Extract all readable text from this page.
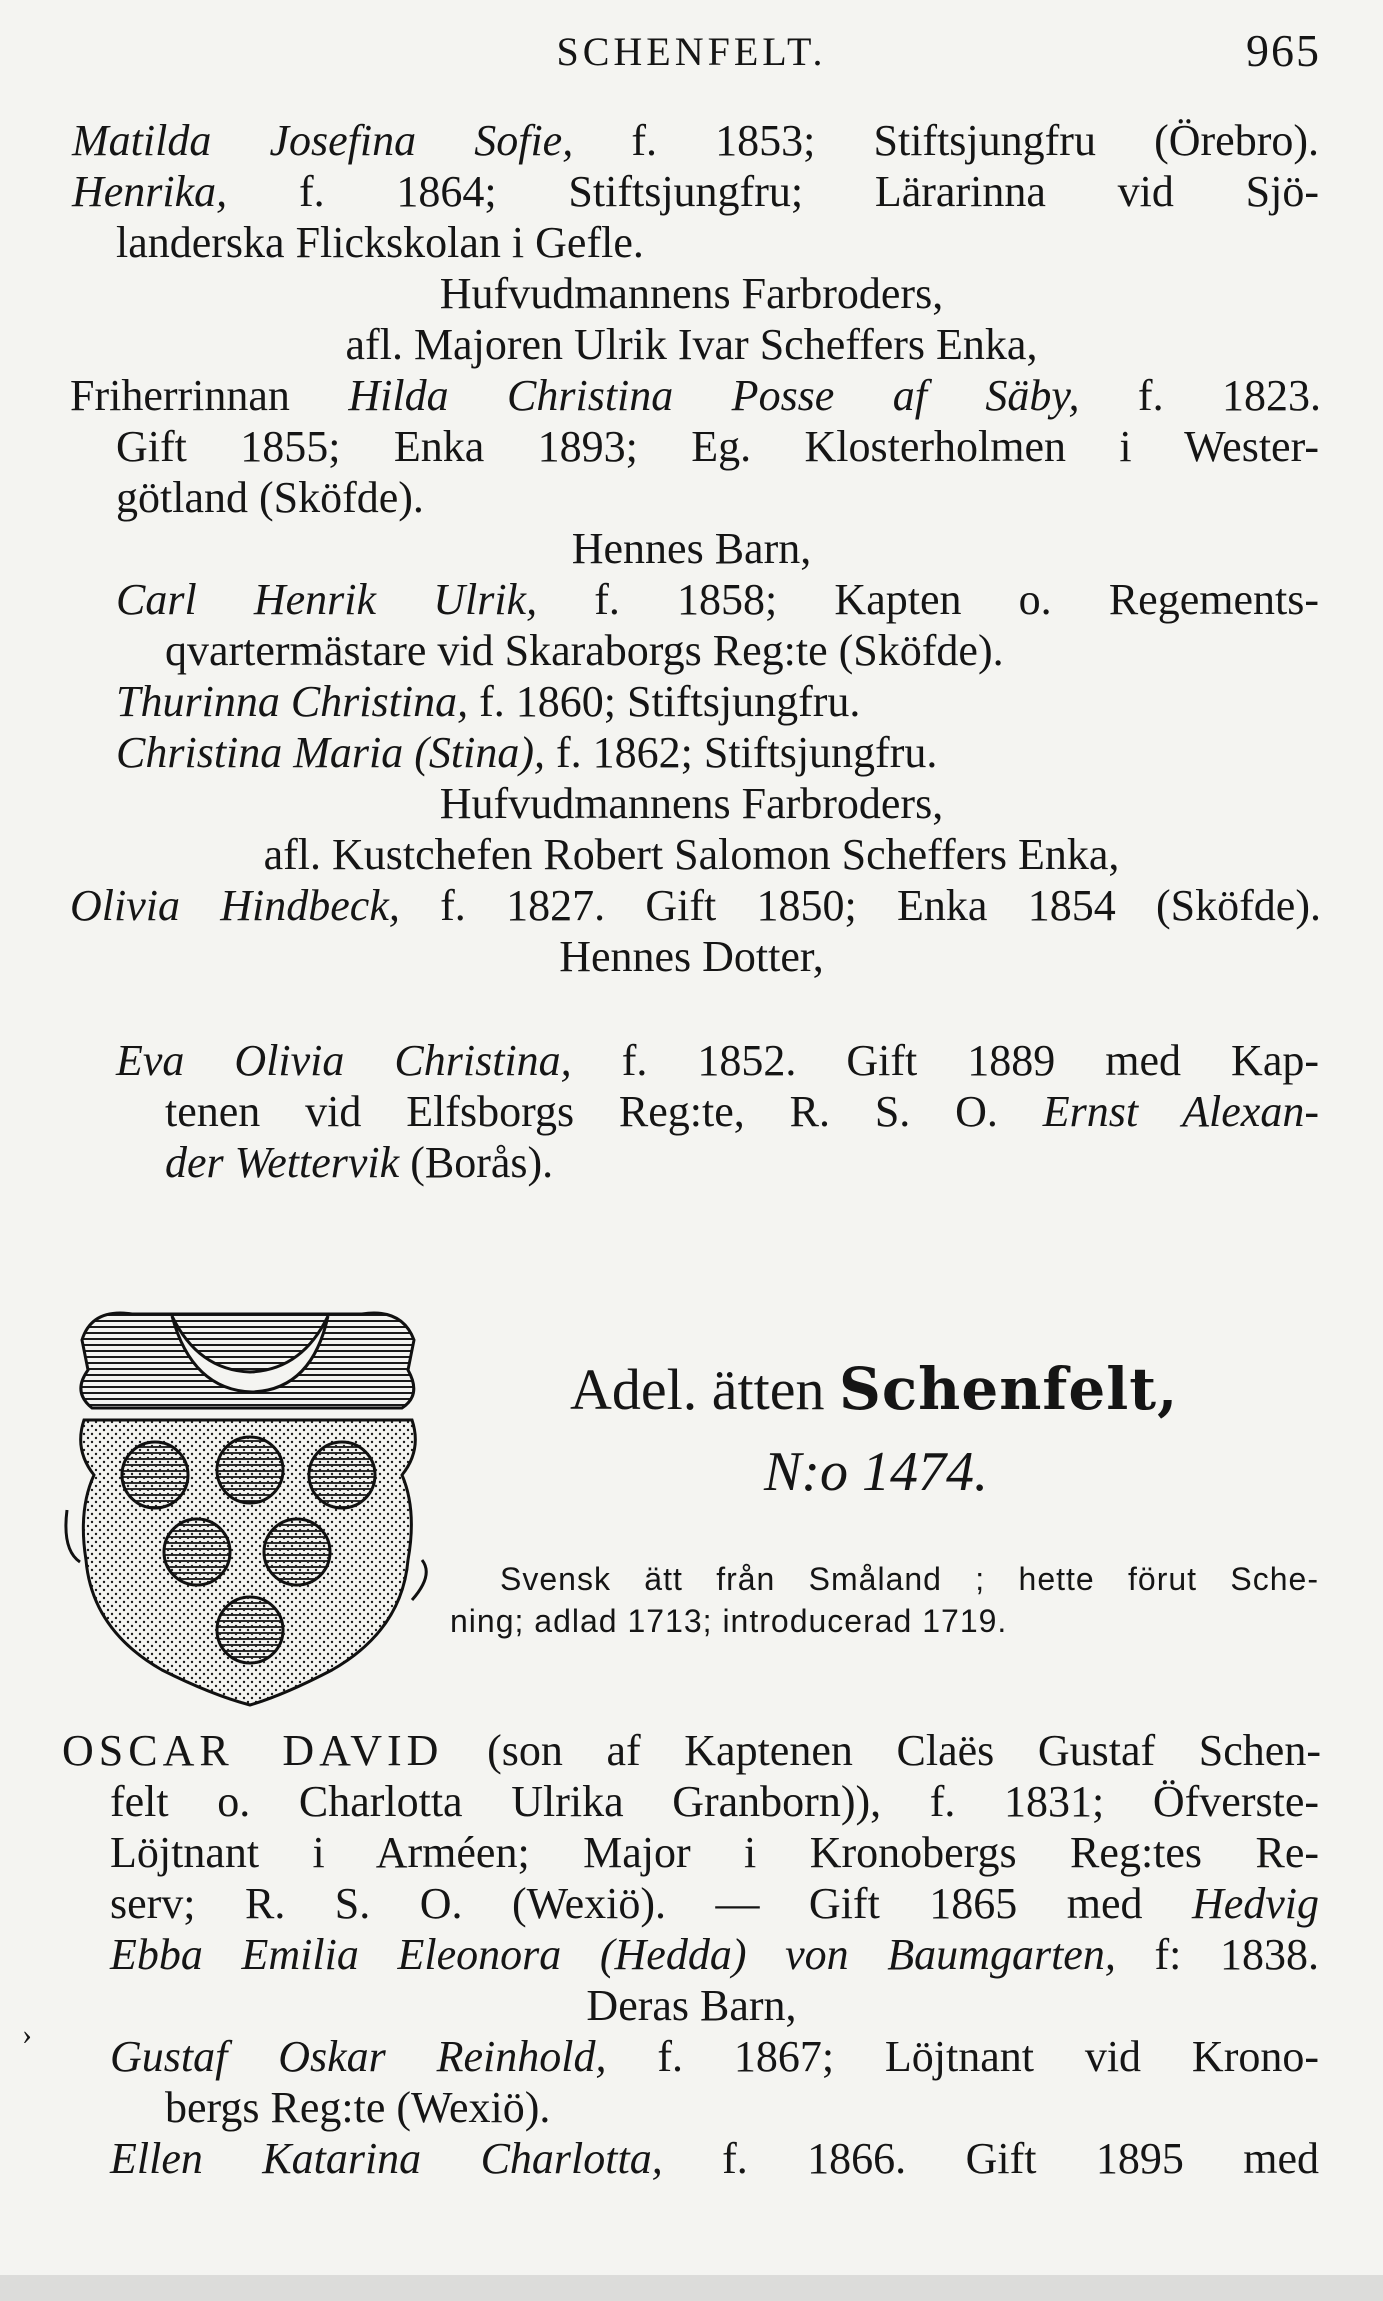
SCHENFELT.	965
Matilda Josefina Sofie, f. 1853; Stiftsjungfru (Örebro).
Henrika, f. 1864; Stiftsjungfru; Lärarinna vid Sjö-
landerska Flickskolan i Gefle.
Hufvudmannens Farbroders,
afl. Majoren Ulrik Ivar Scheffers Enka,
Friherrinnan Hilda Christina Posse af Säby, f. 1823.
Gift 1855; Enka 1893; Eg. Klosterholmen i Wester-
götland (Sköfde).
Hennes Barn,
Carl Henrik Ulrik, f. 1858; Kapten o. Regements-
qvartermästare vid Skaraborgs Reg:te (Sköfde).
Thurinna Christina, f. 1860; Stiftsjungfru.
Christina Maria (Stina), f. 1862; Stiftsjungfru.
Hufvudmannens Farbroders,
afl. Kustchefen Robert Salomon Scheffers Enka,
Olivia Hindbeck, f. 1827. Gift 1850; Enka 1854 (Sköfde).
Hennes Dotter,
Eva Olivia Christina, f. 1852. Gift 1889 med Kap-
tenen vid Elfsborgs Reg:te, R. S. O. Ernst Alexan-
der Wettervik (Borås).
Adel. ätten Schenfelt,
N:o 1474.
Svensk ätt från Småland ; hette förut Sche-
ning; adlad 1713; introducerad 1719.
OSCAR DAVID (son af Kaptenen Claës Gustaf Schen-
felt o. Charlotta Ulrika Granborn)), f. 1831; Öfverste-
Löjtnant i Arméen; Major i Kronobergs Reg:tes Re-
serv; R. S. O. (Wexiö). — Gift 1865 med Hedvig
Ebba Emilia Eleonora (Hedda) von Baumgarten, f: 1838.
Deras Barn,
Gustaf Oskar Reinhold, f. 1867; Löjtnant vid Krono-
bergs Reg:te (Wexiö).
Ellen Katarina Charlotta, f. 1866. Gift 1895 med
›
